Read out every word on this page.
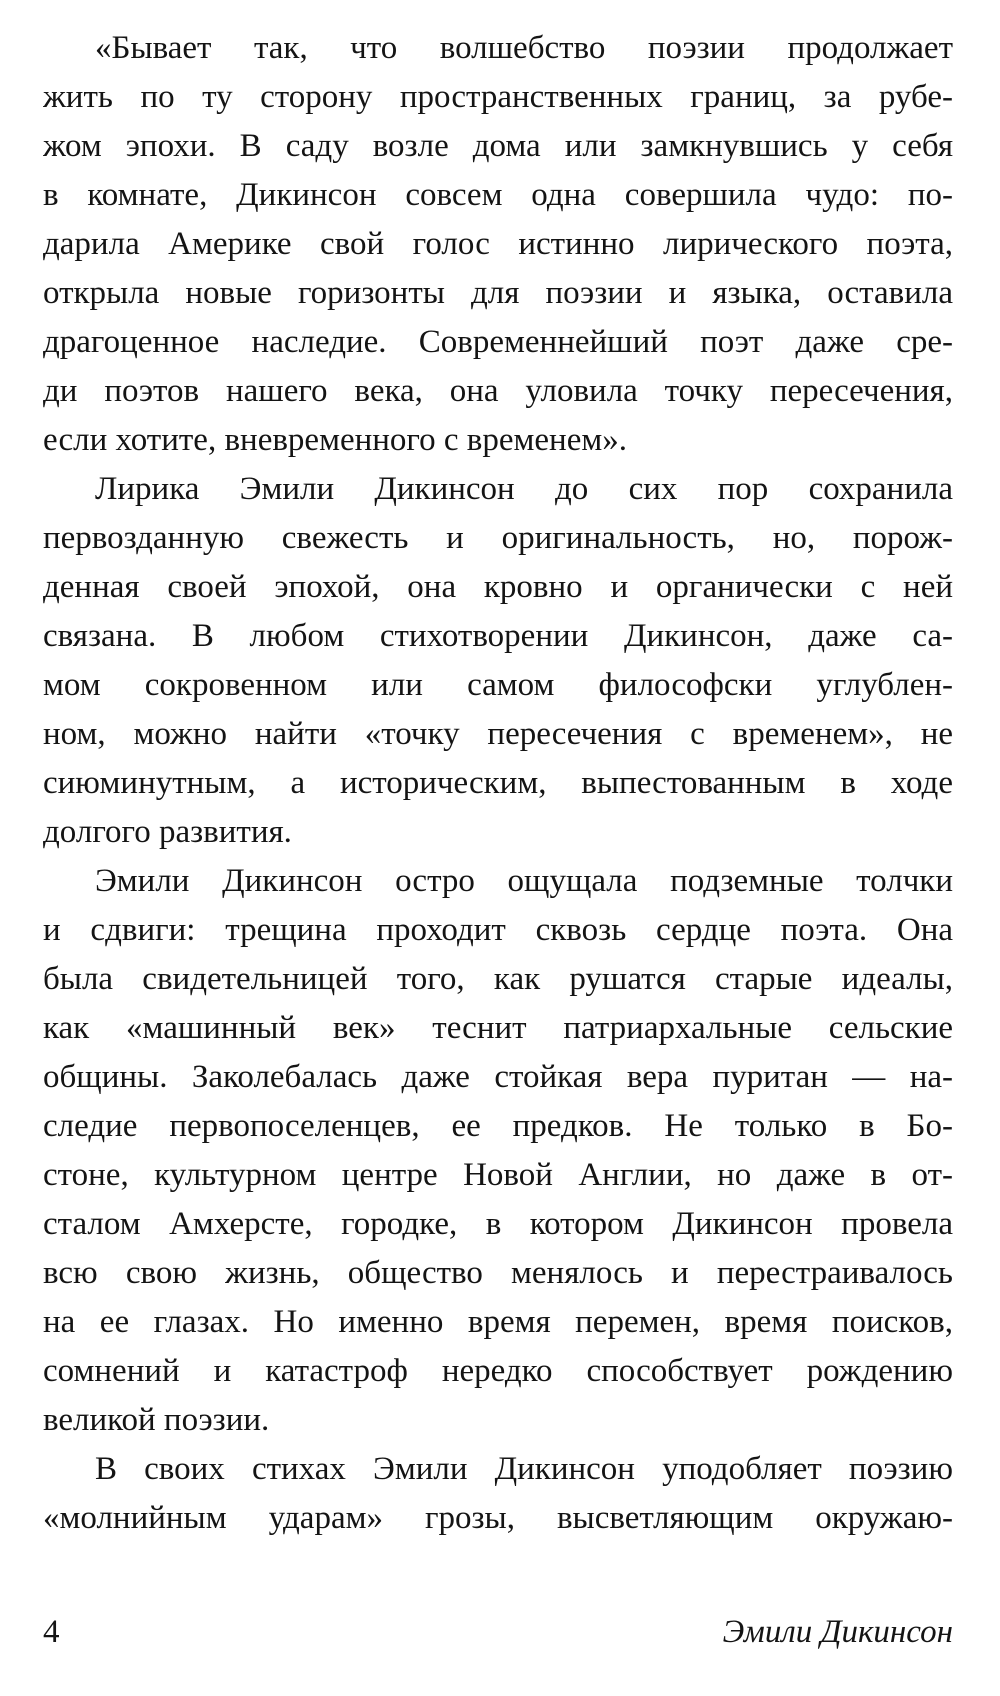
«Бывает так, что волшебство поэзии продолжает
жить по ту сторону пространственных границ, за рубе-
жом эпохи. В саду возле дома или замкнувшись у себя
в комнате, Дикинсон совсем одна совершила чудо: по-
дарила Америке свой голос истинно лирического поэта,
открыла новые горизонты для поэзии и языка, оставила
драгоценное наследие. Современнейший поэт даже сре-
ди поэтов нашего века, она уловила точку пересечения,
если хотите, вневременного с временем».
Лирика Эмили Дикинсон до сих пор сохранила
первозданную свежесть и оригинальность, но, порож-
денная своей эпохой, она кровно и органически с ней
связана. В любом стихотворении Дикинсон, даже са-
мом сокровенном или самом философски углублен-
ном, можно найти «точку пересечения с временем», не
сиюминутным, а историческим, выпестованным в ходе
долгого развития.
Эмили Дикинсон остро ощущала подземные толчки
и сдвиги: трещина проходит сквозь сердце поэта. Она
была свидетельницей того, как рушатся старые идеалы,
как «машинный век» теснит патриархальные сельские
общины. Заколебалась даже стойкая вера пуритан — на-
следие первопоселенцев, ее предков. Не только в Бо-
стоне, культурном центре Новой Англии, но даже в от-
сталом Амхерсте, городке, в котором Дикинсон провела
всю свою жизнь, общество менялось и перестраивалось
на ее глазах. Но именно время перемен, время поисков,
сомнений и катастроф нередко способствует рождению
великой поэзии.
В своих стихах Эмили Дикинсон уподобляет поэзию
«молнийным ударам» грозы, высветляющим окружаю-
4	Эмили Дикинсон
